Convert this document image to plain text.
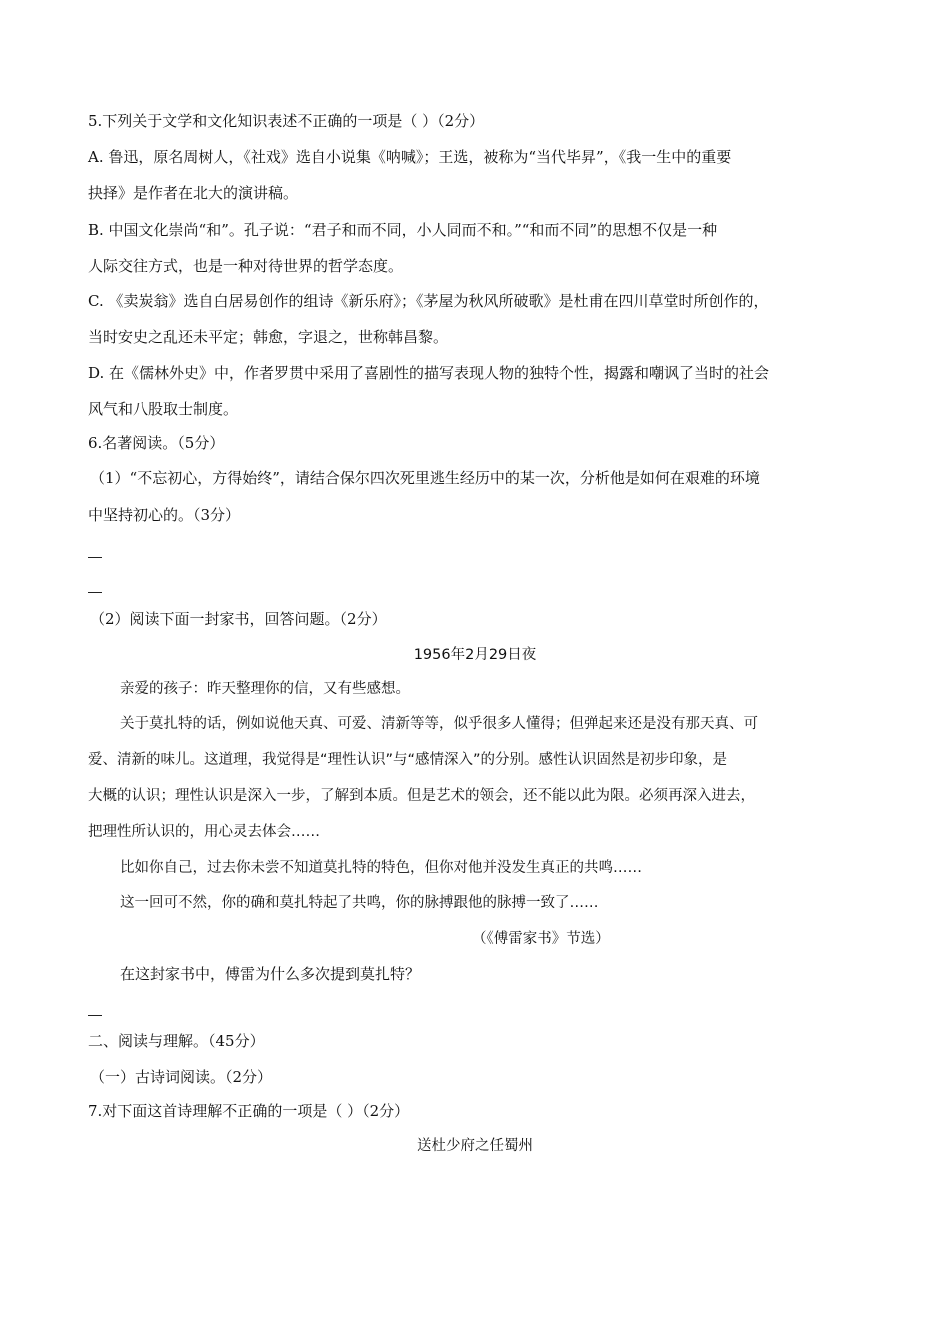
5.下列关于文学和文化知识表述不正确的一项是（ ）（2分）
A. 鲁迅，原名周树人，《社戏》选自小说集《呐喊》；王选，被称为“当代毕昇”，《我一生中的重要
抉择》是作者在北大的演讲稿。
B. 中国文化崇尚“和”。孔子说：“君子和而不同，小人同而不和。”“和而不同”的思想不仅是一种
人际交往方式，也是一种对待世界的哲学态度。
C. 《卖炭翁》选自白居易创作的组诗《新乐府》；《茅屋为秋风所破歌》是杜甫在四川草堂时所创作的，
当时安史之乱还未平定；韩愈，字退之，世称韩昌黎。
D. 在《儒林外史》中，作者罗贯中采用了喜剧性的描写表现人物的独特个性，揭露和嘲讽了当时的社会
风气和八股取士制度。
6.名著阅读。（5分）
（1）“不忘初心，方得始终”，请结合保尔四次死里逃生经历中的某一次，分析他是如何在艰难的环境
中坚持初心的。（3分）
（2）阅读下面一封家书，回答问题。（2分）
1956年2月29日夜
亲爱的孩子：昨天整理你的信，又有些感想。
关于莫扎特的话，例如说他天真、可爱、清新等等，似乎很多人懂得；但弹起来还是没有那天真、可
爱、清新的味儿。这道理，我觉得是“理性认识”与“感情深入”的分别。感性认识固然是初步印象，是
大概的认识；理性认识是深入一步，了解到本质。但是艺术的领会，还不能以此为限。必须再深入进去，
把理性所认识的，用心灵去体会……
比如你自己，过去你未尝不知道莫扎特的特色，但你对他并没发生真正的共鸣……
这一回可不然，你的确和莫扎特起了共鸣，你的脉搏跟他的脉搏一致了……
（《傅雷家书》节选）
在这封家书中，傅雷为什么多次提到莫扎特？
二、阅读与理解。（45分）
（一）古诗词阅读。（2分）
7.对下面这首诗理解不正确的一项是（ ）（2分）
送杜少府之任蜀州
